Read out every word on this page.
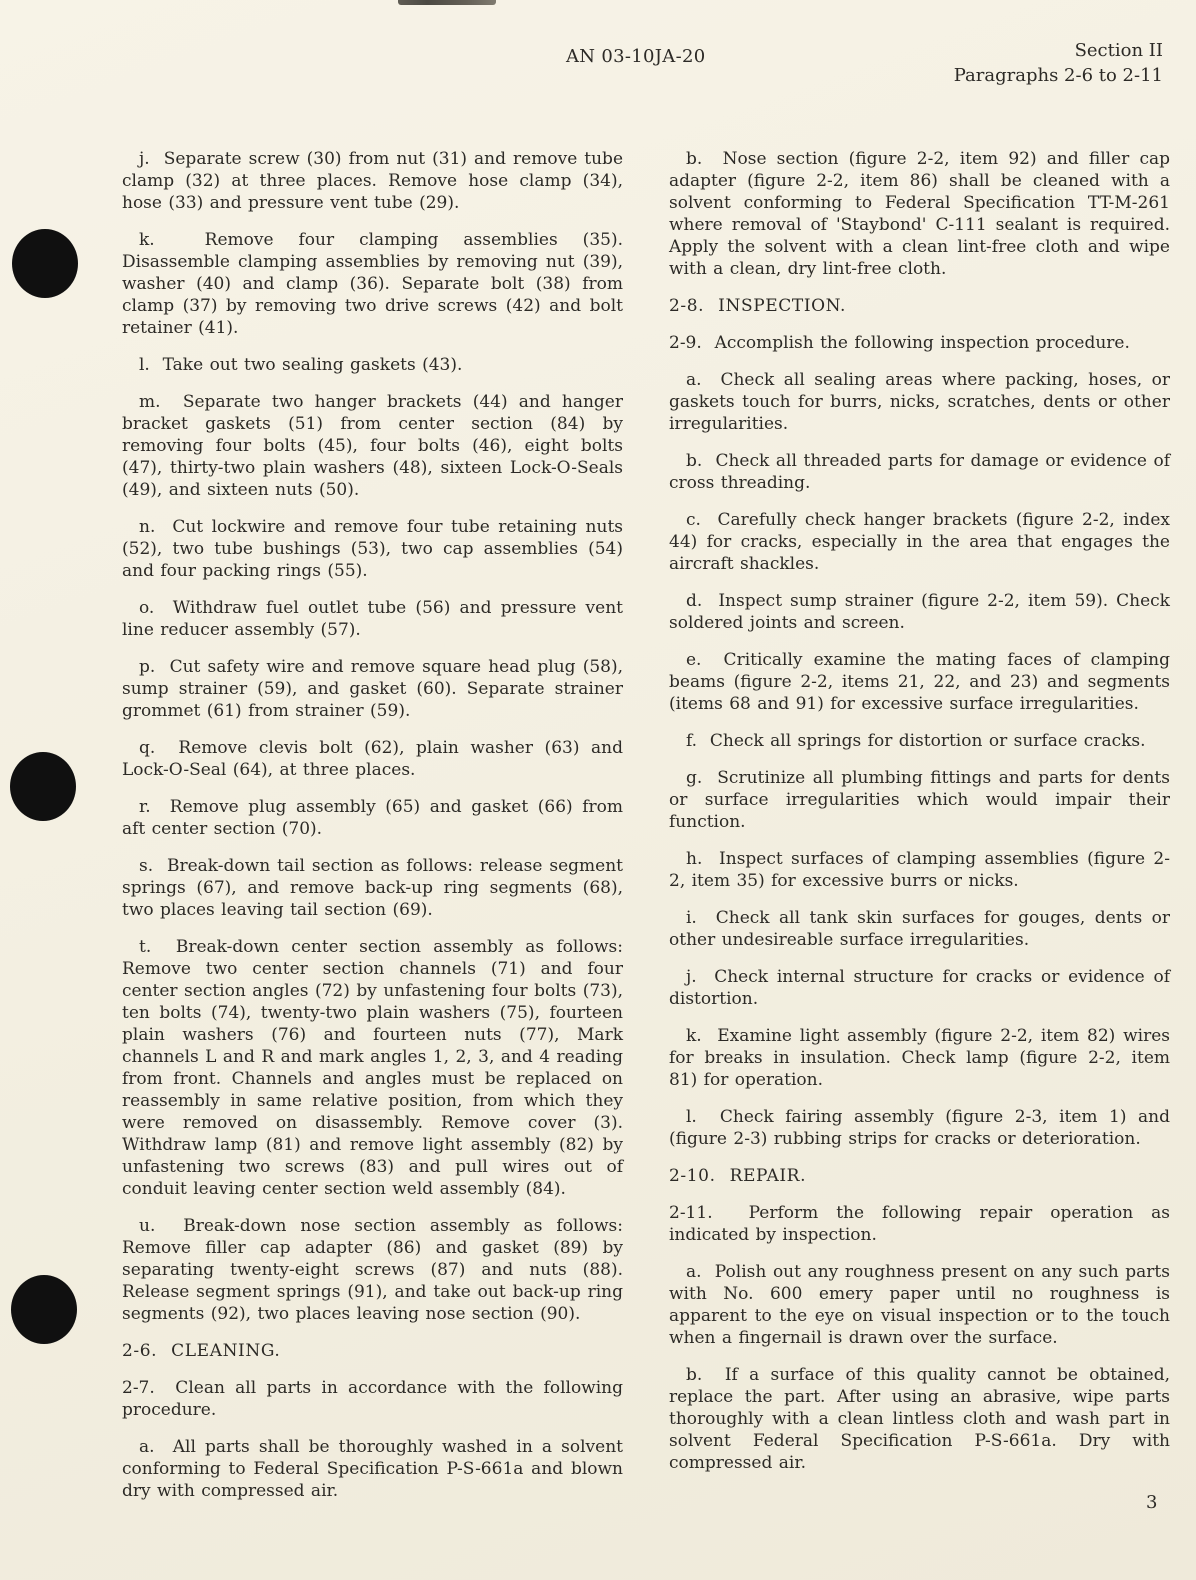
AN 03-10JA-20	Section II
Paragraphs 2-6 to 2-11

j.  Separate screw (30) from nut (31) and remove tube clamp (32) at three places. Remove hose clamp (34), hose (33) and pressure vent tube (29).

k.  Remove four clamping assemblies (35). Disassemble clamping assemblies by removing nut (39), washer (40) and clamp (36). Separate bolt (38) from clamp (37) by removing two drive screws (42) and bolt retainer (41).

l.  Take out two sealing gaskets (43).

m.  Separate two hanger brackets (44) and hanger bracket gaskets (51) from center section (84) by removing four bolts (45), four bolts (46), eight bolts (47), thirty-two plain washers (48), sixteen Lock-O-Seals (49), and sixteen nuts (50).

n.  Cut lockwire and remove four tube retaining nuts (52), two tube bushings (53), two cap assemblies (54) and four packing rings (55).

o.  Withdraw fuel outlet tube (56) and pressure vent line reducer assembly (57).

p.  Cut safety wire and remove square head plug (58), sump strainer (59), and gasket (60). Separate strainer grommet (61) from strainer (59).

q.  Remove clevis bolt (62), plain washer (63) and Lock-O-Seal (64), at three places.

r.  Remove plug assembly (65) and gasket (66) from aft center section (70).

s.  Break-down tail section as follows: release segment springs (67), and remove back-up ring segments (68), two places leaving tail section (69).

t.  Break-down center section assembly as follows: Remove two center section channels (71) and four center section angles (72) by unfastening four bolts (73), ten bolts (74), twenty-two plain washers (75), fourteen plain washers (76) and fourteen nuts (77), Mark channels L and R and mark angles 1, 2, 3, and 4 reading from front. Channels and angles must be replaced on reassembly in same relative position, from which they were removed on disassembly. Remove cover (3). Withdraw lamp (81) and remove light assembly (82) by unfastening two screws (83) and pull wires out of conduit leaving center section weld assembly (84).

u.  Break-down nose section assembly as follows: Remove filler cap adapter (86) and gasket (89) by separating twenty-eight screws (87) and nuts (88). Release segment springs (91), and take out back-up ring segments (92), two places leaving nose section (90).

2-6.  CLEANING.

2-7.  Clean all parts in accordance with the following procedure.

a.  All parts shall be thoroughly washed in a solvent conforming to Federal Specification P-S-661a and blown dry with compressed air.

b.  Nose section (figure 2-2, item 92) and filler cap adapter (figure 2-2, item 86) shall be cleaned with a solvent conforming to Federal Specification TT-M-261 where removal of 'Staybond' C-111 sealant is required. Apply the solvent with a clean lint-free cloth and wipe with a clean, dry lint-free cloth.

2-8.  INSPECTION.

2-9.  Accomplish the following inspection procedure.

a.  Check all sealing areas where packing, hoses, or gaskets touch for burrs, nicks, scratches, dents or other irregularities.

b.  Check all threaded parts for damage or evidence of cross threading.

c.  Carefully check hanger brackets (figure 2-2, index 44) for cracks, especially in the area that engages the aircraft shackles.

d.  Inspect sump strainer (figure 2-2, item 59). Check soldered joints and screen.

e.  Critically examine the mating faces of clamping beams (figure 2-2, items 21, 22, and 23) and segments (items 68 and 91) for excessive surface irregularities.

f.  Check all springs for distortion or surface cracks.

g.  Scrutinize all plumbing fittings and parts for dents or surface irregularities which would impair their function.

h.  Inspect surfaces of clamping assemblies (figure 2-2, item 35) for excessive burrs or nicks.

i.  Check all tank skin surfaces for gouges, dents or other undesireable surface irregularities.

j.  Check internal structure for cracks or evidence of distortion.

k.  Examine light assembly (figure 2-2, item 82) wires for breaks in insulation. Check lamp (figure 2-2, item 81) for operation.

l.  Check fairing assembly (figure 2-3, item 1) and (figure 2-3) rubbing strips for cracks or deterioration.

2-10.  REPAIR.

2-11.  Perform the following repair operation as indicated by inspection.

a.  Polish out any roughness present on any such parts with No. 600 emery paper until no roughness is apparent to the eye on visual inspection or to the touch when a fingernail is drawn over the surface.

b.  If a surface of this quality cannot be obtained, replace the part. After using an abrasive, wipe parts thoroughly with a clean lintless cloth and wash part in solvent Federal Specification P-S-661a. Dry with compressed air.

3
